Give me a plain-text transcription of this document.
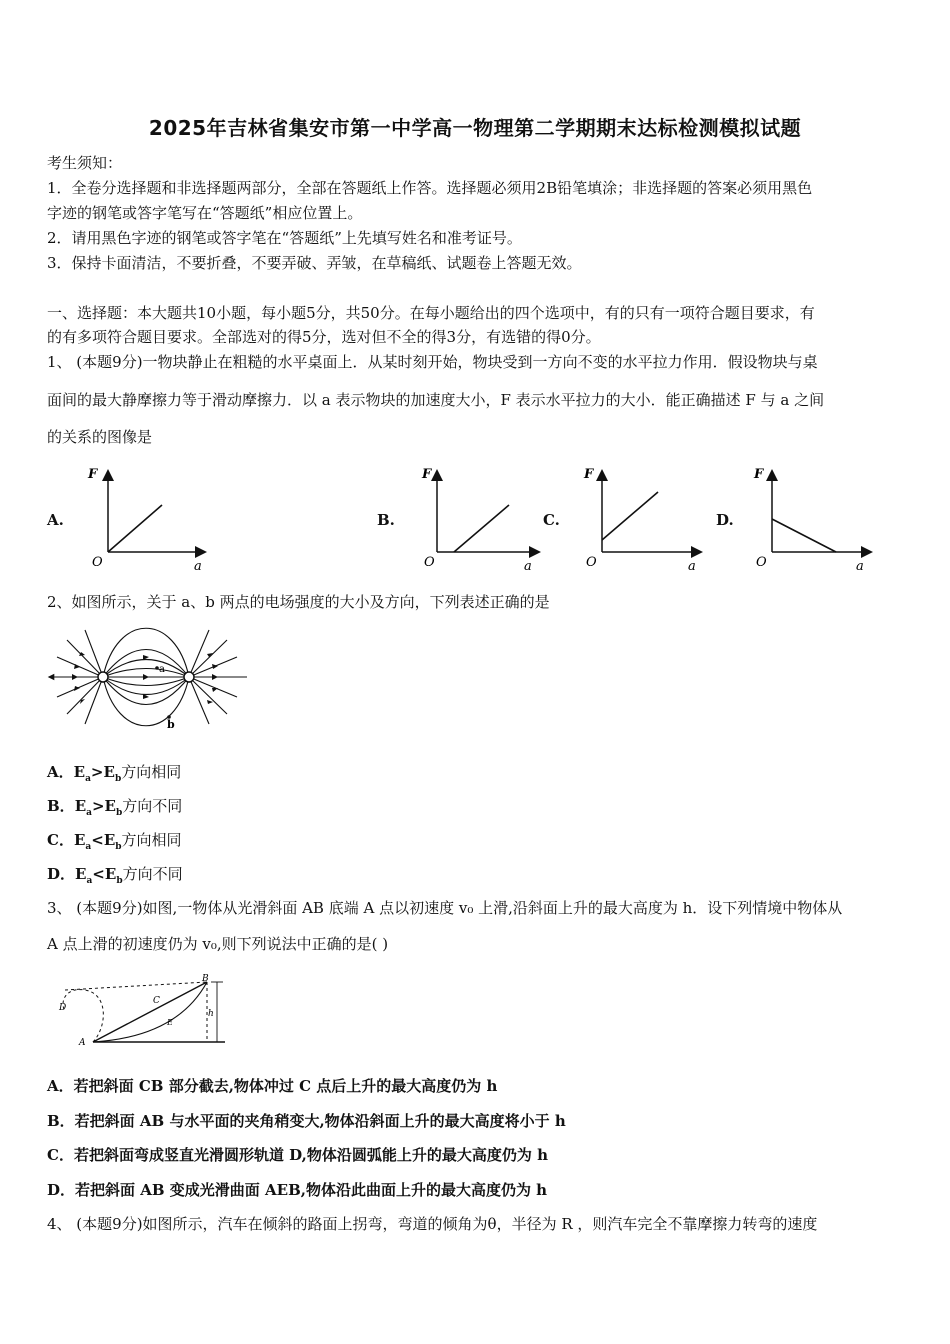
2025年吉林省集安市第一中学高一物理第二学期期末达标检测模拟试题
考生须知：
1．全卷分选择题和非选择题两部分，全部在答题纸上作答。选择题必须用2B铅笔填涂；非选择题的答案必须用黑色
字迹的钢笔或答字笔写在“答题纸”相应位置上。
2．请用黑色字迹的钢笔或答字笔在“答题纸”上先填写姓名和准考证号。
3．保持卡面清洁，不要折叠，不要弄破、弄皱，在草稿纸、试题卷上答题无效。
一、选择题：本大题共10小题，每小题5分，共50分。在每小题给出的四个选项中，有的只有一项符合题目要求，有
的有多项符合题目要求。全部选对的得5分，选对但不全的得3分，有选错的得0分。
1、 (本题9分)一物块静止在粗糙的水平桌面上．从某时刻开始，物块受到一方向不变的水平拉力作用．假设物块与桌
面间的最大静摩擦力等于滑动摩擦力．以 a 表示物块的加速度大小，F 表示水平拉力的大小．能正确描述 F 与 a 之间
的关系的图像是
A.	B.	C.	D.
F
O	a
F
O	a
F
O	a
F
O	a
2、如图所示，关于 a、b 两点的电场强度的大小及方向，下列表述正确的是
a
b
A．$E_a>E_b$方向相同
B．$E_a>E_b$方向不同
C．$E_a<E_b$方向相同
D．$E_a<E_b$方向不同
3、 (本题9分)如图,一物体从光滑斜面 AB 底端 A 点以初速度 v₀ 上滑,沿斜面上升的最大高度为 h．设下列情境中物体从
A 点上滑的初速度仍为 v₀,则下列说法中正确的是( )
B
C
E
D
A
h
A．若把斜面 CB 部分截去,物体冲过 C 点后上升的最大高度仍为 h
B．若把斜面 AB 与水平面的夹角稍变大,物体沿斜面上升的最大高度将小于 h
C．若把斜面弯成竖直光滑圆形轨道 D,物体沿圆弧能上升的最大高度仍为 h
D．若把斜面 AB 变成光滑曲面 AEB,物体沿此曲面上升的最大高度仍为 h
4、 (本题9分)如图所示，汽车在倾斜的路面上拐弯，弯道的倾角为θ，半径为 R ，则汽车完全不靠摩擦力转弯的速度
